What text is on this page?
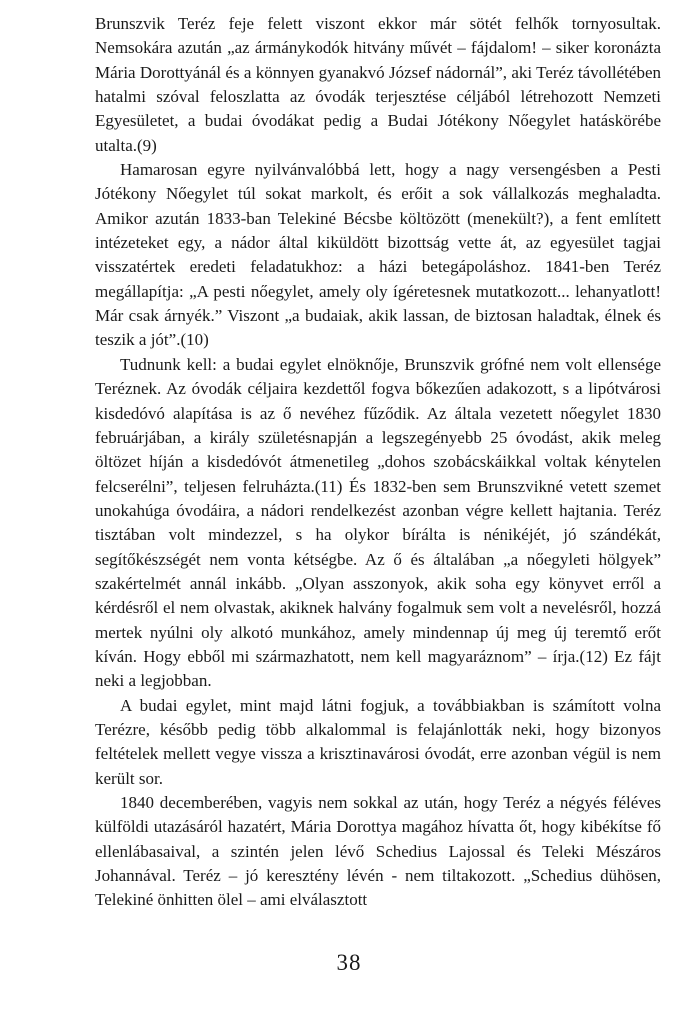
Brunszvik Teréz feje felett viszont ekkor már sötét felhők tornyosultak. Nemsokára azután „az ármánykodók hitvány művét – fájdalom! – siker koronázta Mária Dorottyánál és a könnyen gyanakvó József nádornál”, aki Teréz távollétében hatalmi szóval feloszlatta az óvodák terjesztése céljából létrehozott Nemzeti Egyesületet, a budai óvodákat pedig a Budai Jótékony Nőegylet hatáskörébe utalta.(9)

Hamarosan egyre nyilvánvalóbbá lett, hogy a nagy versengésben a Pesti Jótékony Nőegylet túl sokat markolt, és erőit a sok vállalkozás meghaladta. Amikor azután 1833-ban Telekiné Bécsbe költözött (menekült?), a fent említett intézeteket egy, a nádor által kiküldött bizottság vette át, az egyesület tagjai visszatértek eredeti feladatukhoz: a házi betegápoláshoz. 1841-ben Teréz megállapítja: „A pesti nőegylet, amely oly ígéretesnek mutatkozott... lehanyatlott! Már csak árnyék.” Viszont „a budaiak, akik lassan, de biztosan haladtak, élnek és teszik a jót”.(10)

Tudnunk kell: a budai egylet elnöknője, Brunszvik grófné nem volt ellensége Teréznek. Az óvodák céljaira kezdettől fogva bőkezűen adakozott, s a lipótvárosi kisdedóvó alapítása is az ő nevéhez fűződik. Az általa vezetett nőegylet 1830 februárjában, a király születésnapján a legszegényebb 25 óvodást, akik meleg öltözet híján a kisdedóvót átmenetileg „dohos szobácskáikkal voltak kénytelen felcserélni”, teljesen felruházta.(11) És 1832-ben sem Brunszvikné vetett szemet unokahúga óvodáira, a nádori rendelkezést azonban végre kellett hajtania. Teréz tisztában volt mindezzel, s ha olykor bírálta is nénikéjét, jó szándékát, segítőkészségét nem vonta kétségbe. Az ő és általában „a nőegyleti hölgyek” szakértelmét annál inkább. „Olyan asszonyok, akik soha egy könyvet erről a kérdésről el nem olvastak, akiknek halvány fogalmuk sem volt a nevelésről, hozzá mertek nyúlni oly alkotó munkához, amely mindennap új meg új teremtő erőt kíván. Hogy ebből mi származhatott, nem kell magyaráznom” – írja.(12) Ez fájt neki a legjobban.

A budai egylet, mint majd látni fogjuk, a továbbiakban is számított volna Terézre, később pedig több alkalommal is felajánlották neki, hogy bizonyos feltételek mellett vegye vissza a krisztinavárosi óvodát, erre azonban végül is nem került sor.

1840 decemberében, vagyis nem sokkal az után, hogy Teréz a négyés féléves külföldi utazásáról hazatért, Mária Dorottya magához hívatta őt, hogy kibékítse fő ellenlábasaival, a szintén jelen lévő Schedius Lajossal és Teleki Mészáros Johannával. Teréz – jó keresztény lévén - nem tiltakozott. „Schedius dühösen, Telekiné önhitten ölel – ami elválasztott

38
